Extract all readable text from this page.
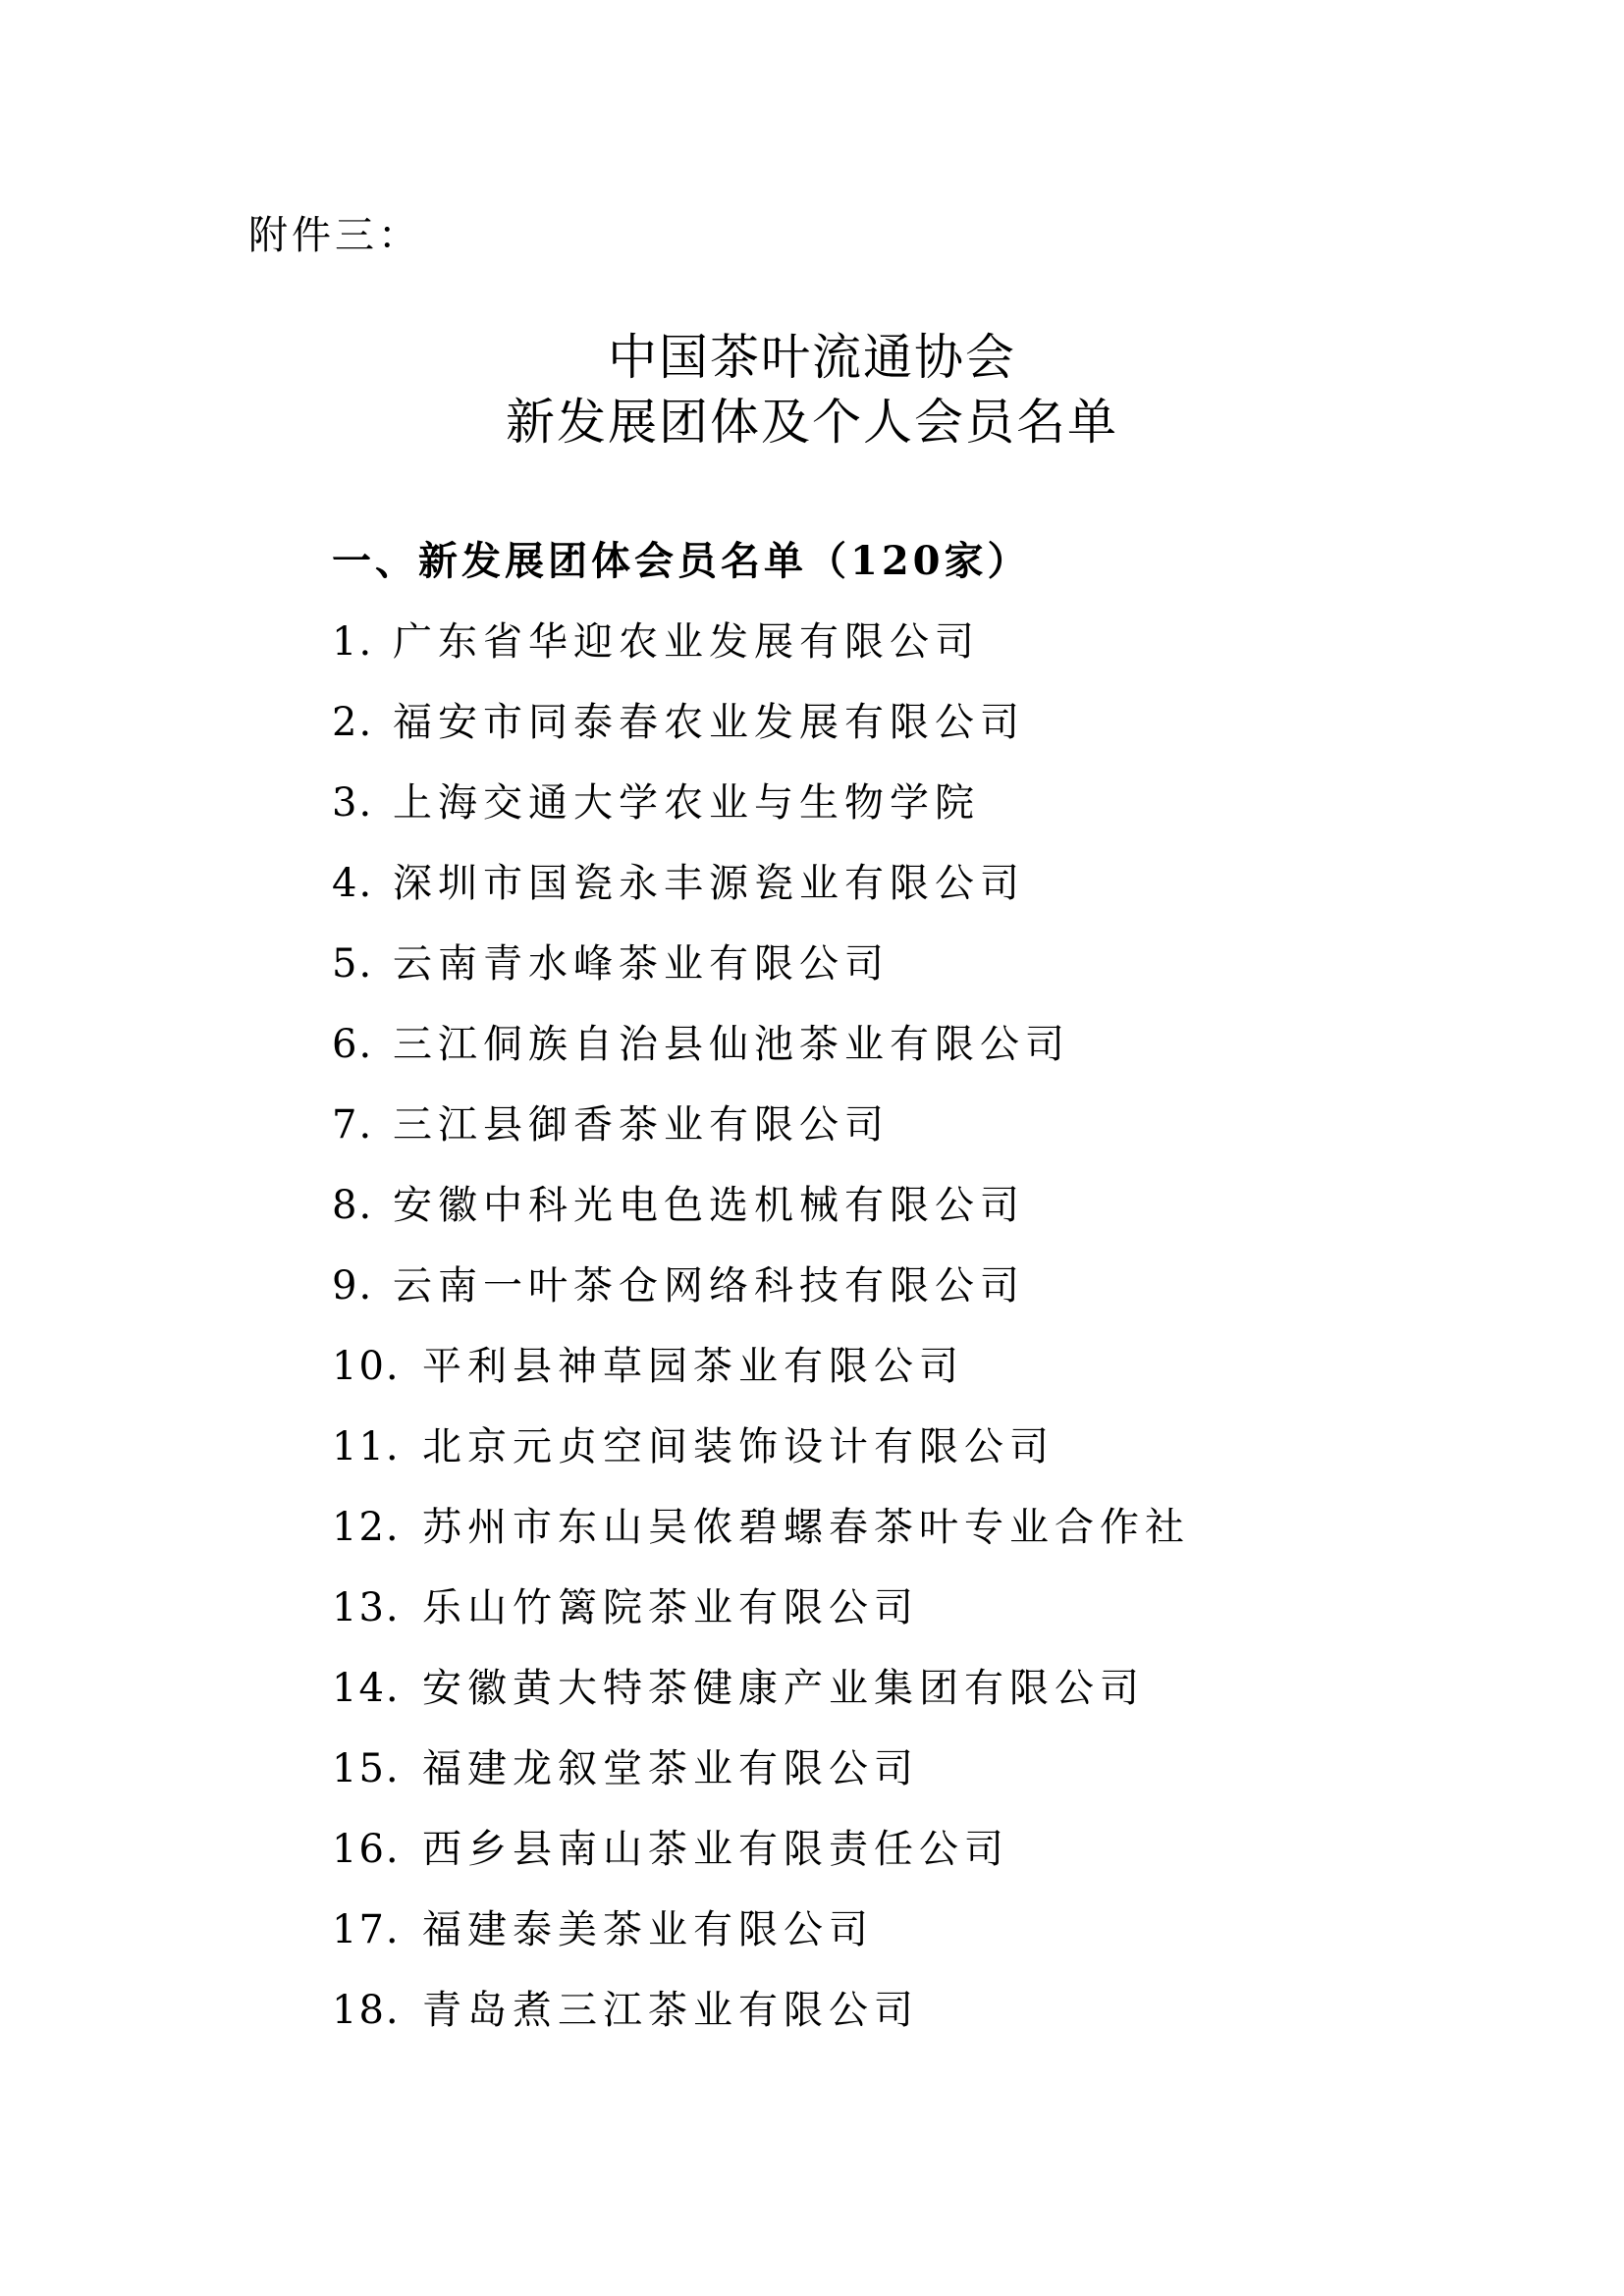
附件三：
中国茶叶流通协会
新发展团体及个人会员名单
一、新发展团体会员名单（120家）
1. 广东省华迎农业发展有限公司
2. 福安市同泰春农业发展有限公司
3. 上海交通大学农业与生物学院
4. 深圳市国瓷永丰源瓷业有限公司
5. 云南青水峰茶业有限公司
6. 三江侗族自治县仙池茶业有限公司
7. 三江县御香茶业有限公司
8. 安徽中科光电色选机械有限公司
9. 云南一叶茶仓网络科技有限公司
10. 平利县神草园茶业有限公司
11. 北京元贞空间装饰设计有限公司
12. 苏州市东山吴侬碧螺春茶叶专业合作社
13. 乐山竹篱院茶业有限公司
14. 安徽黄大特茶健康产业集团有限公司
15. 福建龙叙堂茶业有限公司
16. 西乡县南山茶业有限责任公司
17. 福建泰美茶业有限公司
18. 青岛煮三江茶业有限公司
